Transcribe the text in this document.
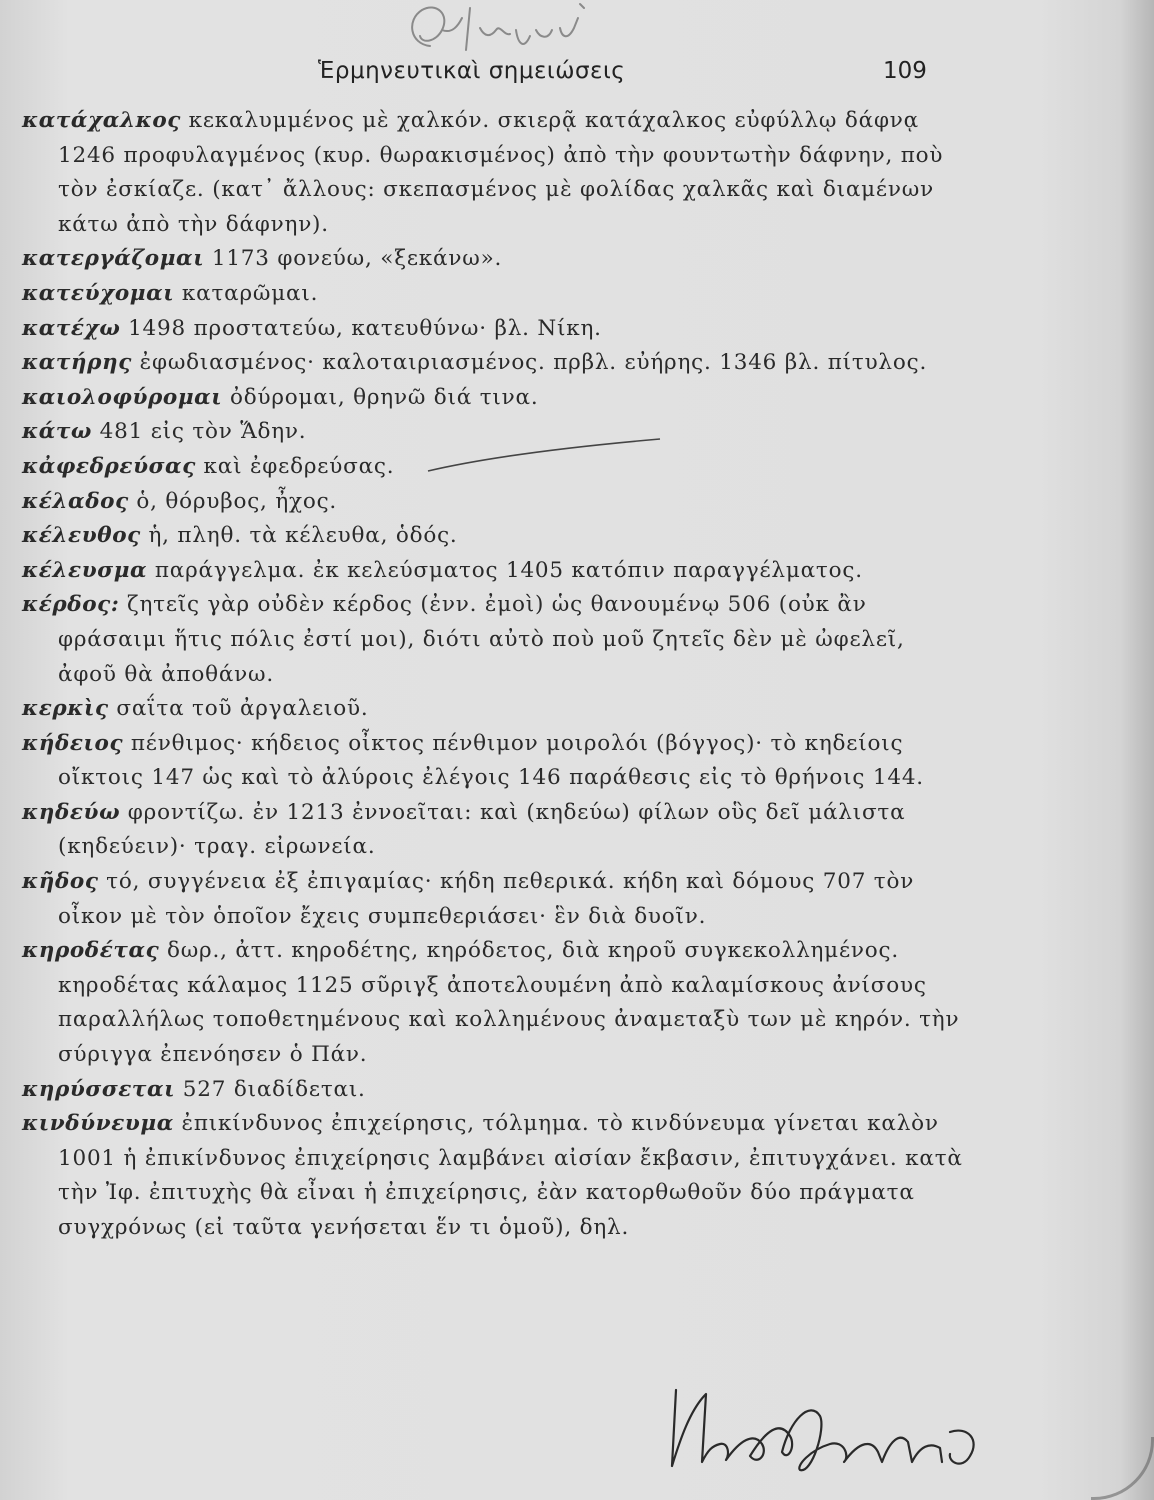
Ἑρμηνευτικαὶ σημειώσεις	109

κατάχαλκος κεκαλυμμένος μὲ χαλκόν. σκιερᾷ κατάχαλκος εὐφύλλῳ δάφνᾳ 1246 προφυλαγμένος (κυρ. θωρακισμένος) ἀπὸ τὴν φουντωτὴν δάφνην, ποὺ τὸν ἐσκίαζε. (κατ᾽ ἄλλους: σκεπασμένος μὲ φολίδας χαλκᾶς καὶ διαμένων κάτω ἀπὸ τὴν δάφνην).

κατεργάζομαι 1173 φονεύω, «ξεκάνω».

κατεύχομαι καταρῶμαι.

κατέχω 1498 προστατεύω, κατευθύνω· βλ. Νίκη.

κατήρης ἐφωδιασμένος· καλοταιριασμένος. πρβλ. εὐήρης. 1346 βλ. πίτυλος.

καιολοφύρομαι ὀδύρομαι, θρηνῶ διά τινα.

κάτω 481 εἰς τὸν Ἅδην.

κἀφεδρεύσας καὶ ἐφεδρεύσας.

κέλαδος ὁ, θόρυβος, ἦχος.

κέλευθος ἡ, πληθ. τὰ κέλευθα, ὁδός.

κέλευσμα παράγγελμα. ἐκ κελεύσματος 1405 κατόπιν παραγγέλματος.

κέρδος: ζητεῖς γὰρ οὐδὲν κέρδος (ἐνν. ἐμοὶ) ὡς θανουμένῳ 506 (οὐκ ἂν φράσαιμι ἥτις πόλις ἐστί μοι), διότι αὐτὸ ποὺ μοῦ ζητεῖς δὲν μὲ ὠφελεῖ, ἀφοῦ θὰ ἀποθάνω.

κερκὶς σαΐτα τοῦ ἀργαλειοῦ.

κήδειος πένθιμος· κήδειος οἶκτος πένθιμον μοιρολόι (βόγγος)· τὸ κηδείοις οἴκτοις 147 ὡς καὶ τὸ ἀλύροις ἐλέγοις 146 παράθεσις εἰς τὸ θρήνοις 144.

κηδεύω φροντίζω. ἐν 1213 ἐννοεῖται: καὶ (κηδεύω) φίλων οὓς δεῖ μάλιστα (κηδεύειν)· τραγ. εἰρωνεία.

κῆδος τό, συγγένεια ἐξ ἐπιγαμίας· κήδη πεθερικά. κήδη καὶ δόμους 707 τὸν οἶκον μὲ τὸν ὁποῖον ἔχεις συμπεθεριάσει· ἓν διὰ δυοῖν.

κηροδέτας δωρ., ἀττ. κηροδέτης, κηρόδετος, διὰ κηροῦ συγκεκολλημένος. κηροδέτας κάλαμος 1125 σῦριγξ ἀποτελουμένη ἀπὸ καλαμίσκους ἀνίσους παραλλήλως τοποθετημένους καὶ κολλημένους ἀναμεταξὺ των μὲ κηρόν. τὴν σύριγγα ἐπενόησεν ὁ Πάν.

κηρύσσεται 527 διαδίδεται.

κινδύνευμα ἐπικίνδυνος ἐπιχείρησις, τόλμημα. τὸ κινδύνευμα γίνεται καλὸν 1001 ἡ ἐπικίνδυνος ἐπιχείρησις λαμβάνει αἰσίαν ἔκβασιν, ἐπιτυγχάνει. κατὰ τὴν Ἰφ. ἐπιτυχὴς θὰ εἶναι ἡ ἐπιχείρησις, ἐὰν κατορθωθοῦν δύο πράγματα συγχρόνως (εἰ ταῦτα γενήσεται ἕν τι ὁμοῦ), δηλ.
